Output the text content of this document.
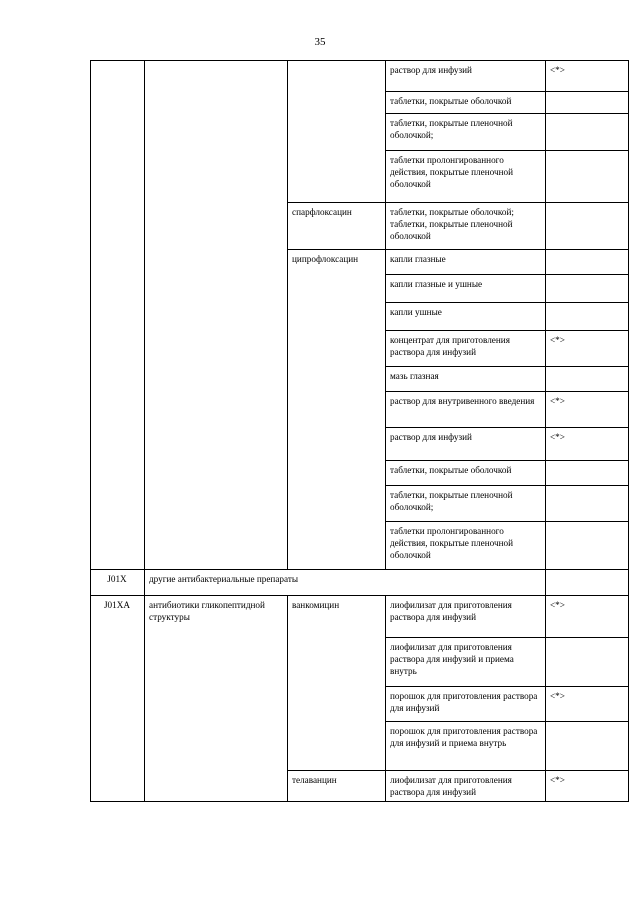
35
			раствор для инфузий	<*>
			таблетки, покрытые оболочкой	
			таблетки, покрытые пленочной оболочкой;	
			таблетки пролонгированного действия, покрытые пленочной оболочкой	
		спарфлоксацин	таблетки, покрытые оболочкой; таблетки, покрытые пленочной оболочкой	
		ципрофлоксацин	капли глазные	
			капли глазные и ушные	
			капли ушные	
			концентрат для приготовления раствора для инфузий	<*>
			мазь глазная	
			раствор для внутривенного введения	<*>
			раствор для инфузий	<*>
			таблетки, покрытые оболочкой	
			таблетки, покрытые пленочной оболочкой;	
			таблетки пролонгированного действия, покрытые пленочной оболочкой	
J01X	другие антибактериальные препараты			
J01XA	антибиотики гликопептидной структуры	ванкомицин	лиофилизат для приготовления раствора для инфузий	<*>
			лиофилизат для приготовления раствора для инфузий и приема внутрь	
			порошок для приготовления раствора для инфузий	<*>
			порошок для приготовления раствора для инфузий и приема внутрь	
		телаванцин	лиофилизат для приготовления раствора для инфузий	<*>
